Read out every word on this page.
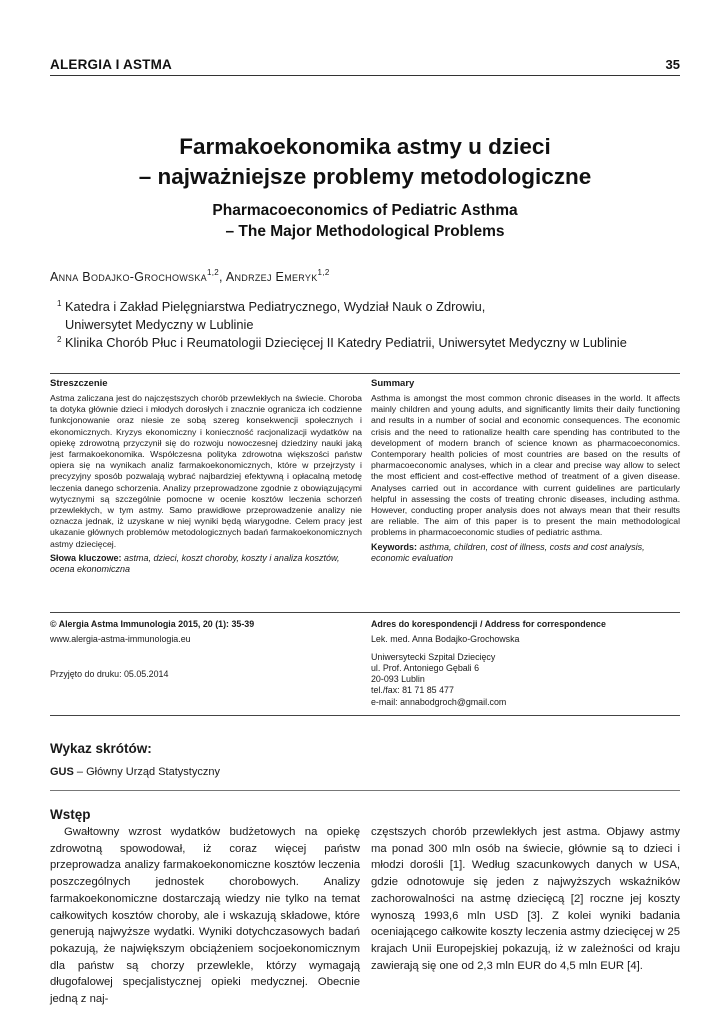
ALERGIA I ASTMA	35
Farmakoekonomika astmy u dzieci
– najważniejsze problemy metodologiczne
Pharmacoeconomics of Pediatric Asthma
– The Major Methodological Problems
Anna Bodajko-Grochowska$^{1,2}$, Andrzej Emeryk$^{1,2}$
1 Katedra i Zakład Pielęgniarstwa Pediatrycznego, Wydział Nauk o Zdrowiu,
Uniwersytet Medyczny w Lublinie
2 Klinika Chorób Płuc i Reumatologii Dziecięcej II Katedry Pediatrii, Uniwersytet Medyczny w Lublinie
Streszczenie
Astma zaliczana jest do najczęstszych chorób przewlekłych na świecie. Choroba ta dotyka głównie dzieci i młodych dorosłych i znacznie ogranicza ich codzienne funkcjonowanie oraz niesie ze sobą szereg konsekwencji społecznych i ekonomicznych. Kryzys ekonomiczny i konieczność racjonalizacji wydatków na opiekę zdrowotną przyczynił się do rozwoju nowoczesnej dziedziny nauki jaką jest farmakoekonomika. Współczesna polityka zdrowotna większości państw opiera się na wynikach analiz farmakoekonomicznych, które w przejrzysty i precyzyjny sposób pozwalają wybrać najbardziej efektywną i opłacalną metodę leczenia danego schorzenia. Analizy przeprowadzone zgodnie z obowiązującymi wytycznymi są szczególnie pomocne w ocenie kosztów leczenia schorzeń przewlekłych, w tym astmy. Samo prawidłowe przeprowadzenie analizy nie oznacza jednak, iż uzyskane w niej wyniki będą wiarygodne. Celem pracy jest ukazanie głównych problemów metodologicznych badań farmakoekonomicznych astmy dziecięcej.
Słowa kluczowe: astma, dzieci, koszt choroby, koszty i analiza kosztów, ocena ekonomiczna
Summary
Asthma is amongst the most common chronic diseases in the world. It affects mainly children and young adults, and significantly limits their daily functioning and results in a number of social and economic consequences. The economic crisis and the need to rationalize health care spending has contributed to the development of modern branch of science known as pharmacoeconomics. Contemporary health policies of most countries are based on the results of pharmacoeconomic analyses, which in a clear and precise way allow to select the most efficient and cost-effective method of treatment of a given disease. Analyses carried out in accordance with current guidelines are particularly helpful in assessing the costs of treating chronic diseases, including asthma. However, conducting proper analysis does not always mean that their results are reliable. The aim of this paper is to present the main methodological problems in pharmacoeconomic studies of pediatric asthma.
Keywords: asthma, children, cost of illness, costs and cost analysis, economic evaluation
© Alergia Astma Immunologia 2015, 20 (1): 35-39
www.alergia-astma-immunologia.eu
Przyjęto do druku: 05.05.2014
Adres do korespondencji / Address for correspondence
Lek. med. Anna Bodajko-Grochowska
Uniwersytecki Szpital Dziecięcy
ul. Prof. Antoniego Gębali 6
20-093 Lublin
tel./fax: 81 71 85 477
e-mail: annabodgroch@gmail.com
Wykaz skrótów:
GUS – Główny Urząd Statystyczny
Wstęp
Gwałtowny wzrost wydatków budżetowych na opiekę zdrowotną spowodował, iż coraz więcej państw przeprowadza analizy farmakoekonomiczne kosztów leczenia poszczególnych jednostek chorobowych. Analizy farmakoekonomiczne dostarczają wiedzy nie tylko na temat całkowitych kosztów choroby, ale i wskazują składowe, które generują najwyższe wydatki. Wyniki dotychczasowych badań pokazują, że największym obciążeniem socjoekonomicznym dla państw są chorzy przewlekle, którzy wymagają długofalowej specjalistycznej opieki medycznej. Obecnie jedną z naj-
częstszych chorób przewlekłych jest astma. Objawy astmy ma ponad 300 mln osób na świecie, głównie są to dzieci i młodzi dorośli [1]. Według szacunkowych danych w USA, gdzie odnotowuje się jeden z najwyższych wskaźników zachorowalności na astmę dziecięcą [2] roczne jej koszty wynoszą 1993,6 mln USD [3]. Z kolei wyniki badania oceniającego całkowite koszty leczenia astmy dziecięcej w 25 krajach Unii Europejskiej pokazują, iż w zależności od kraju zawierają się one od 2,3 mln EUR do 4,5 mln EUR [4].
